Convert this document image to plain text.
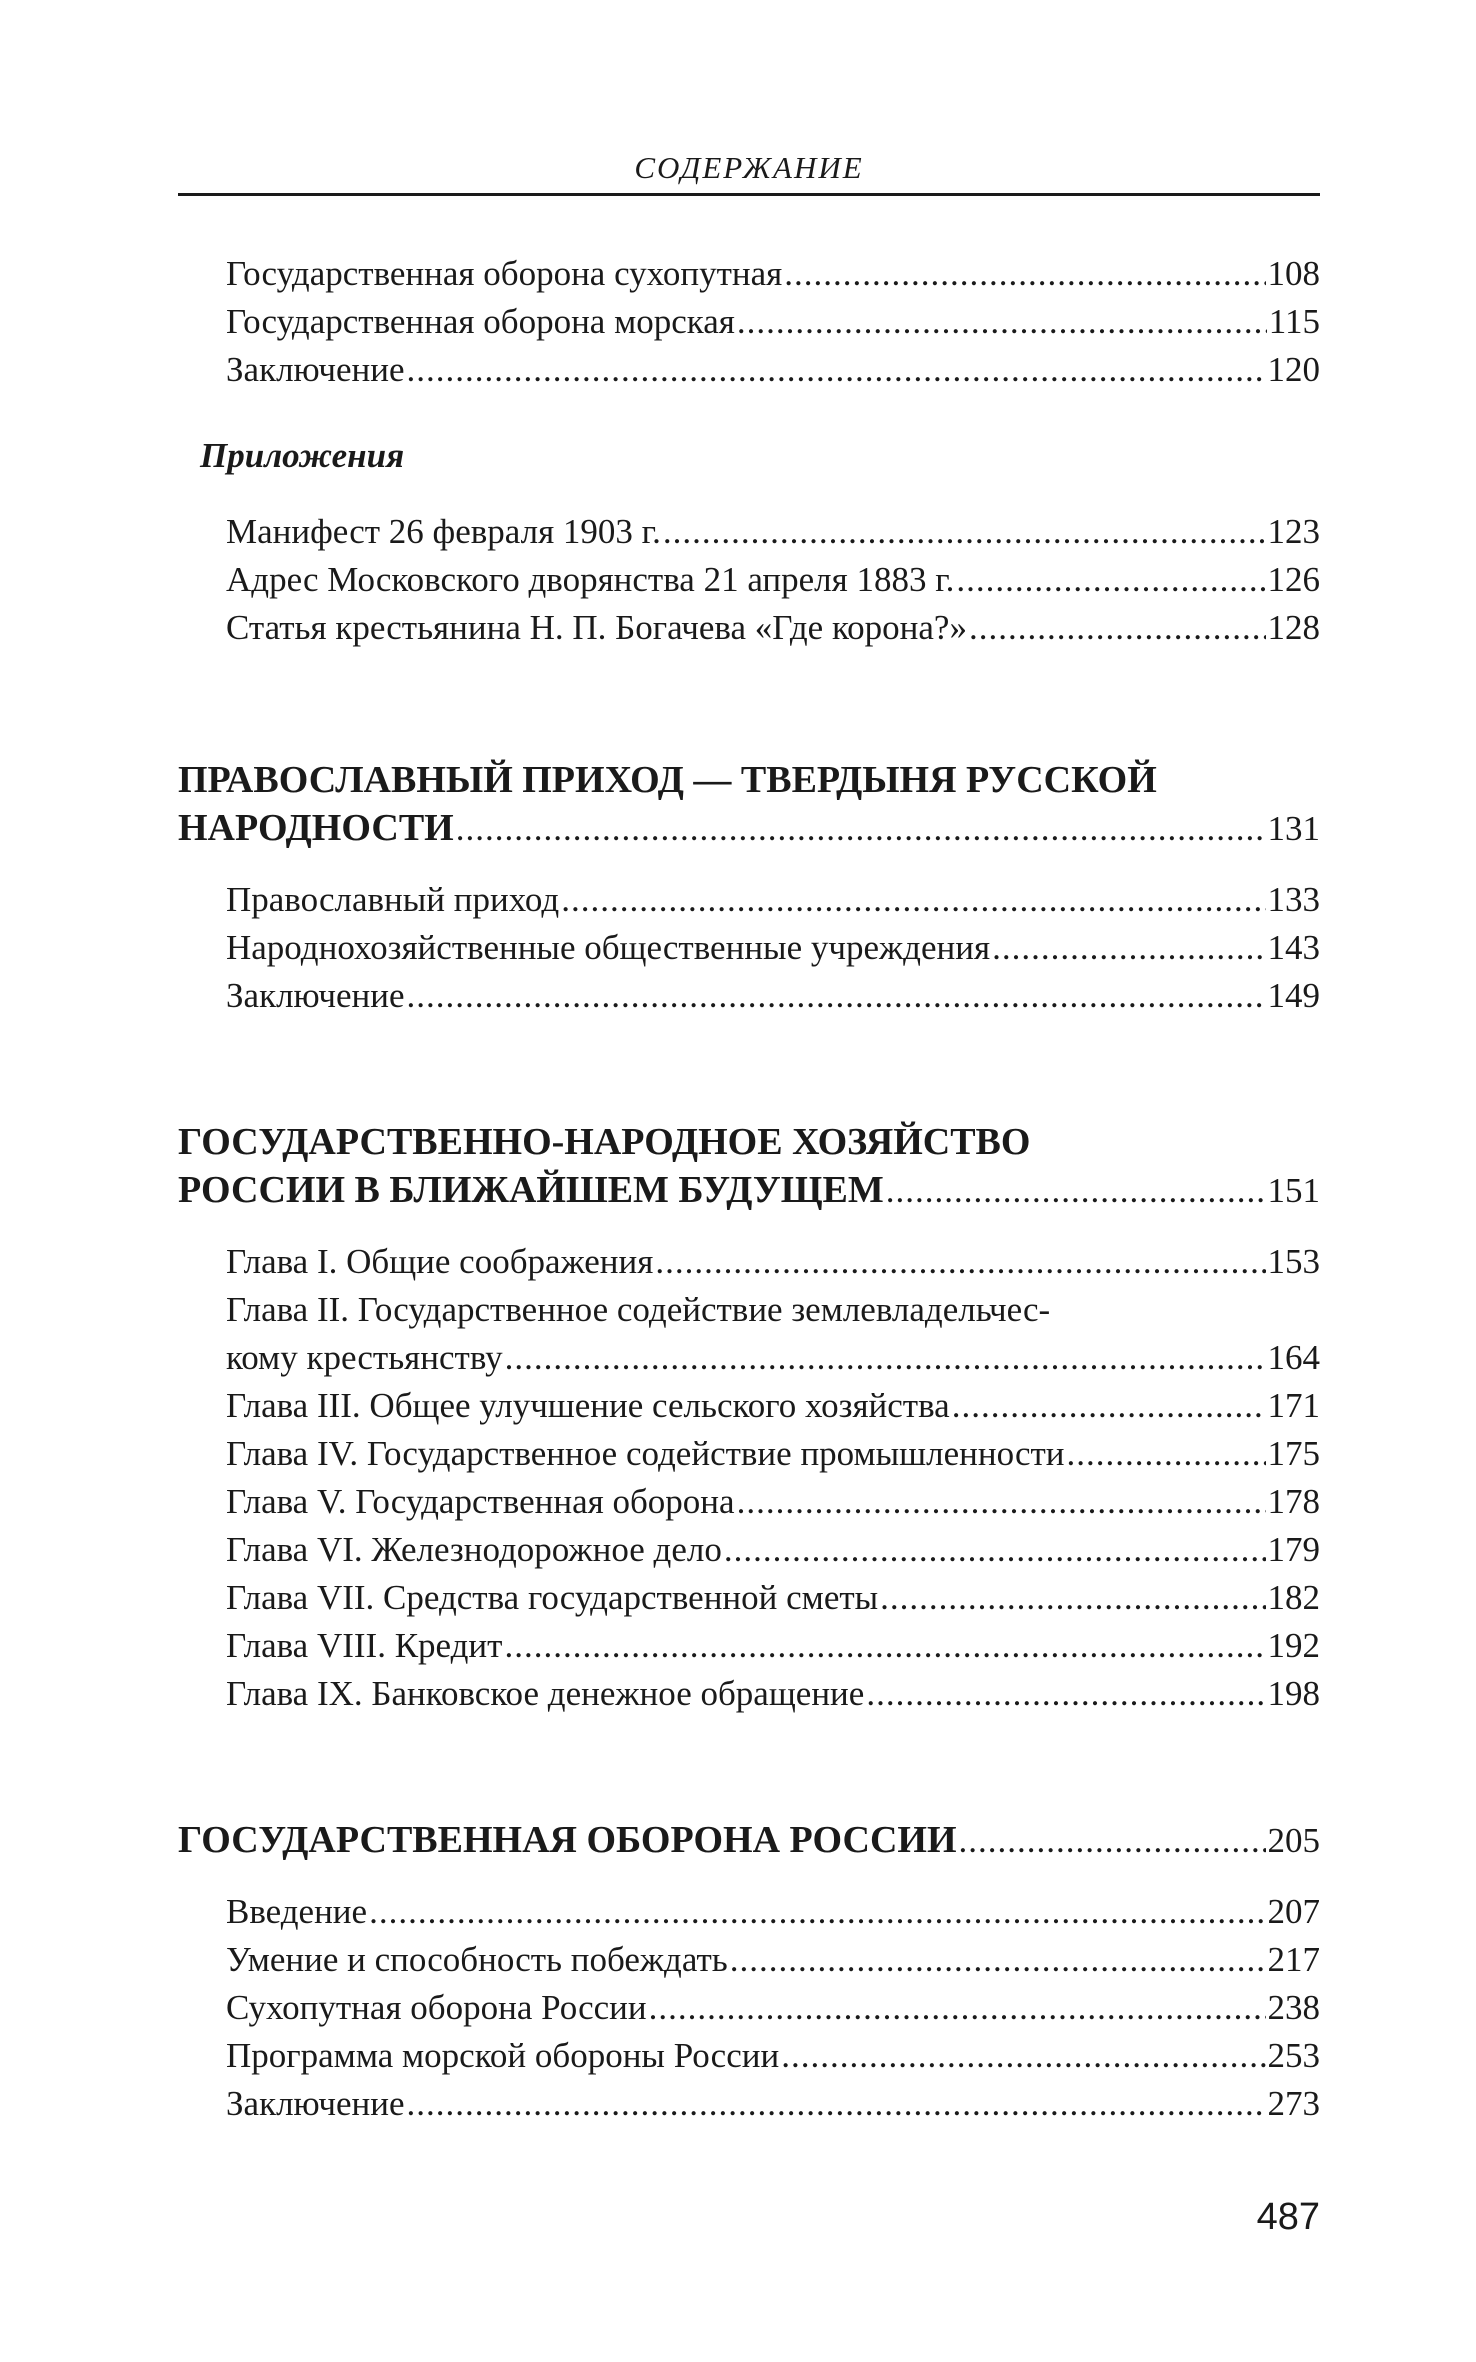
СОДЕРЖАНИЕ
Государственная оборона сухопутная .....	108
Государственная оборона морская .....	115
Заключение .....	120
Приложения
Манифест 26 февраля 1903 г. .....	123
Адрес Московского дворянства 21 апреля 1883 г. .....	126
Статья крестьянина Н. П. Богачева «Где корона?» .....	128
ПРАВОСЛАВНЫЙ ПРИХОД — ТВЕРДЫНЯ РУССКОЙ
НАРОДНОСТИ .....	131
Православный приход .....	133
Народнохозяйственные общественные учреждения .....	143
Заключение .....	149
ГОСУДАРСТВЕННО-НАРОДНОЕ ХОЗЯЙСТВО
РОССИИ В БЛИЖАЙШЕМ БУДУЩЕМ .....	151
Глава I. Общие соображения .....	153
Глава II. Государственное содействие землевладельчес-
кому крестьянству .....	164
Глава III. Общее улучшение сельского хозяйства .....	171
Глава IV. Государственное содействие промышленности .....	175
Глава V. Государственная оборона .....	178
Глава VI. Железнодорожное дело .....	179
Глава VII. Средства государственной сметы .....	182
Глава VIII. Кредит .....	192
Глава IX. Банковское денежное обращение .....	198
ГОСУДАРСТВЕННАЯ ОБОРОНА РОССИИ .....	205
Введение .....	207
Умение и способность побеждать .....	217
Сухопутная оборона России .....	238
Программа морской обороны России .....	253
Заключение .....	273
487
